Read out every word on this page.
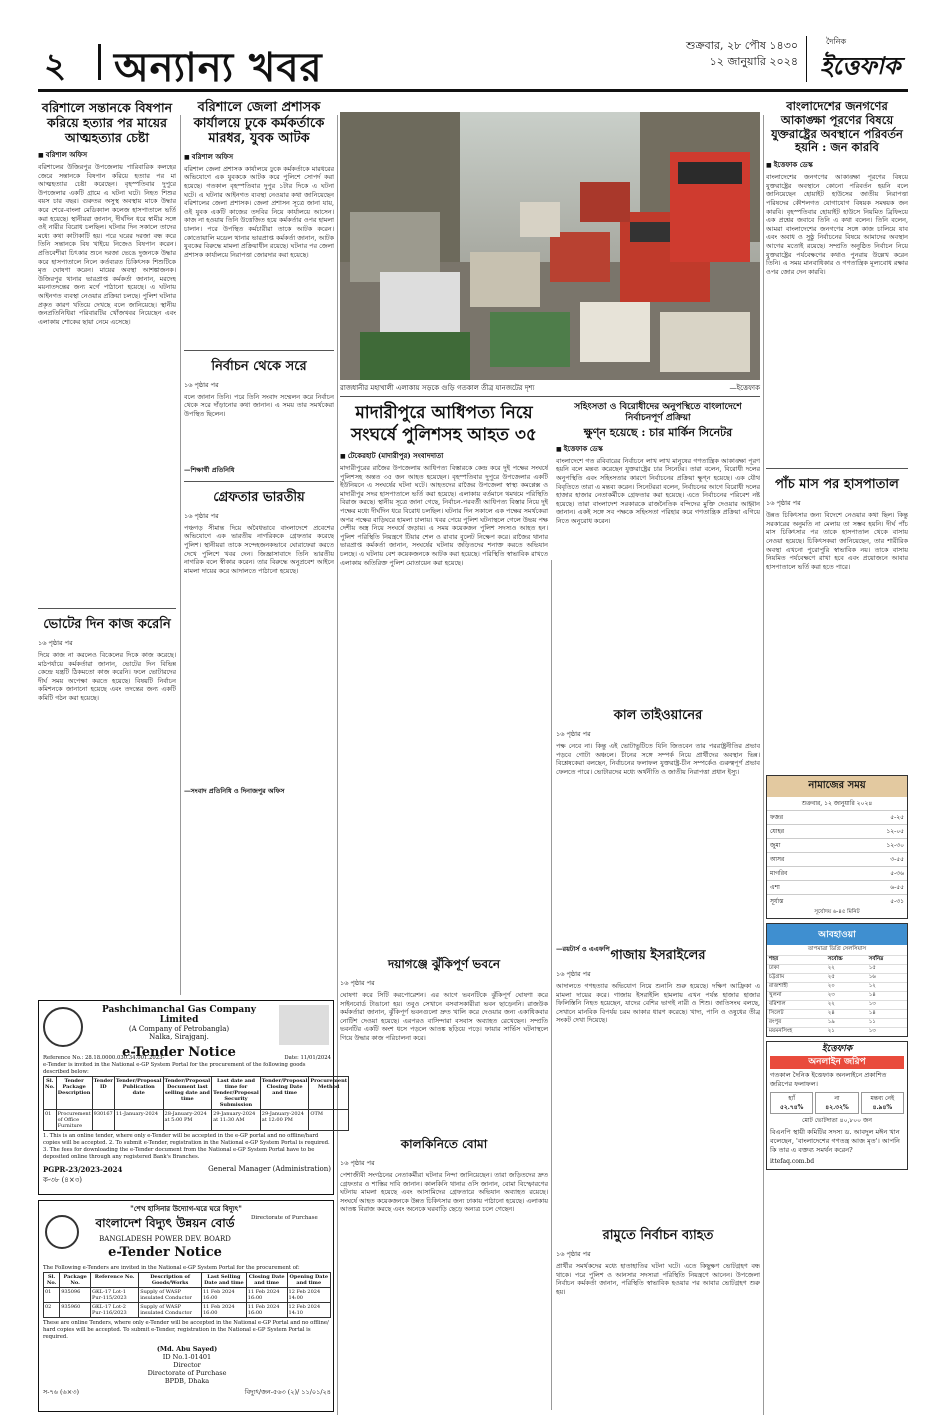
২ অন্যান্য খবর	শুক্রবার, ২৮ পৌষ ১৪৩০
১২ জানুয়ারি ২০২৪
দৈনিক
ইত্তেফাক
বরিশালে সন্তানকে বিষপান করিয়ে হত্যার পর মায়ের আত্মহত্যার চেষ্টা
■ বরিশাল অফিস
বরিশালের উজিরপুর উপজেলায় পারিবারিক কলহের জেরে সন্তানকে বিষপান করিয়ে হত্যার পর মা আত্মহত্যার চেষ্টা করেছেন। বৃহস্পতিবার দুপুরে উপজেলার একটি গ্রামে এ ঘটনা ঘটে। নিহত শিশুর বয়স চার বছর। গুরুতর অসুস্থ অবস্থায় মাকে উদ্ধার করে শেরে-বাংলা মেডিক্যাল কলেজ হাসপাতালে ভর্তি করা হয়েছে। স্থানীয়রা জানান, দীর্ঘদিন ধরে স্বামীর সঙ্গে ওই নারীর বিরোধ চলছিল। ঘটনার দিন সকালে তাদের মধ্যে কথা কাটাকাটি হয়। পরে ঘরের দরজা বন্ধ করে তিনি সন্তানকে বিষ খাইয়ে নিজেও বিষপান করেন। প্রতিবেশীরা চিৎকার শুনে দরজা ভেঙে দুজনকে উদ্ধার করে হাসপাতালে নিলে কর্তব্যরত চিকিৎসক শিশুটিকে মৃত ঘোষণা করেন। মায়ের অবস্থা আশঙ্কাজনক। উজিরপুর থানার ভারপ্রাপ্ত কর্মকর্তা জানান, মরদেহ ময়নাতদন্তের জন্য মর্গে পাঠানো হয়েছে। এ ঘটনায় আইনগত ব্যবস্থা নেওয়ার প্রক্রিয়া চলছে। পুলিশ ঘটনার প্রকৃত কারণ খতিয়ে দেখছে বলে জানিয়েছে। স্থানীয় জনপ্রতিনিধিরা পরিবারটির খোঁজখবর নিয়েছেন এবং এলাকায় শোকের ছায়া নেমে এসেছে।
ভোটের দিন কাজ করেনি
১৬ পৃষ্ঠার পর
দিয়ে কাজ না করলেও বিকেলের দিকে কাজ করেছে। মাঠপর্যায়ে কর্মকর্তারা জানান, ভোটের দিন বিভিন্ন কেন্দ্রে যন্ত্রটি ঠিকমতো কাজ করেনি। ফলে ভোটারদের দীর্ঘ সময় অপেক্ষা করতে হয়েছে। বিষয়টি নির্বাচন কমিশনকে জানানো হয়েছে এবং তদন্তের জন্য একটি কমিটি গঠন করা হয়েছে।
বরিশালে জেলা প্রশাসক কার্যালয়ে ঢুকে কর্মকর্তাকে মারধর, যুবক আটক
■ বরিশাল অফিস
বরিশাল জেলা প্রশাসক কার্যালয়ে ঢুকে কর্মকর্তাকে মারধরের অভিযোগে এক যুবককে আটক করে পুলিশে সোপর্দ করা হয়েছে। গতকাল বৃহস্পতিবার দুপুর ১টার দিকে এ ঘটনা ঘটে। এ ঘটনার আইনগত ব্যবস্থা নেওয়ার কথা জানিয়েছেন বরিশালের জেলা প্রশাসক। জেলা প্রশাসন সূত্রে জানা যায়, ওই যুবক একটি কাজের তদবির নিয়ে কার্যালয়ে আসেন। কাজ না হওয়ায় তিনি উত্তেজিত হয়ে কর্মকর্তার ওপর হামলা চালান। পরে উপস্থিত কর্মচারীরা তাকে আটক করেন। কোতোয়ালি মডেল থানার ভারপ্রাপ্ত কর্মকর্তা জানান, আটক যুবকের বিরুদ্ধে মামলা প্রক্রিয়াধীন রয়েছে। ঘটনার পর জেলা প্রশাসক কার্যালয়ে নিরাপত্তা জোরদার করা হয়েছে।
নির্বাচন থেকে সরে
১৬ পৃষ্ঠার পর
বলে জানান তিনি। পরে তিনি সংবাদ সম্মেলন করে নির্বাচন থেকে সরে দাঁড়ানোর কথা জানান। এ সময় তার সমর্থকেরা উপস্থিত ছিলেন।
—শিক্ষার্থী প্রতিনিধি
গ্রেফতার ভারতীয়
১৬ পৃষ্ঠার পর
পঞ্চগড় সীমান্ত দিয়ে অবৈধভাবে বাংলাদেশে প্রবেশের অভিযোগে এক ভারতীয় নাগরিককে গ্রেফতার করেছে পুলিশ। স্থানীয়রা তাকে সন্দেহজনকভাবে ঘোরাফেরা করতে দেখে পুলিশে খবর দেন। জিজ্ঞাসাবাদে তিনি ভারতীয় নাগরিক বলে স্বীকার করেন। তার বিরুদ্ধে অনুপ্রবেশ আইনে মামলা দায়ের করে আদালতে পাঠানো হয়েছে।
—সংবাদ প্রতিনিধি ও দিনাজপুর অফিস
রাজধানীর মহাখালী এলাকায় সড়কে গুড়ি গতকাল তীব্র যানজটের দৃশ্য	—ইত্তেফাক
মাদারীপুরে আধিপত্য নিয়ে সংঘর্ষে পুলিশসহ আহত ৩৫
■ টেকেরহাট (মাদারীপুর) সংবাদদাতা
মাদারীপুরের রাজৈর উপজেলায় আধিপত্য বিস্তারকে কেন্দ্র করে দুই পক্ষের সংঘর্ষে পুলিশসহ অন্তত ৩৫ জন আহত হয়েছেন। বৃহস্পতিবার দুপুরে উপজেলার একটি ইউনিয়নে এ সংঘর্ষের ঘটনা ঘটে। আহতদের রাজৈর উপজেলা স্বাস্থ্য কমপ্লেক্স ও মাদারীপুর সদর হাসপাতালে ভর্তি করা হয়েছে। এলাকায় বর্তমানে থমথমে পরিস্থিতি বিরাজ করছে। স্থানীয় সূত্রে জানা গেছে, নির্বাচন-পরবর্তী আধিপত্য বিস্তার নিয়ে দুই পক্ষের মধ্যে দীর্ঘদিন ধরে বিরোধ চলছিল। ঘটনার দিন সকালে এক পক্ষের সমর্থকেরা অপর পক্ষের বাড়িঘরে হামলা চালায়। খবর পেয়ে পুলিশ ঘটনাস্থলে গেলে উভয় পক্ষ দেশীয় অস্ত্র নিয়ে সংঘর্ষে জড়ায়। এ সময় কয়েকজন পুলিশ সদস্যও আহত হন। পুলিশ পরিস্থিতি নিয়ন্ত্রণে টিয়ার শেল ও রাবার বুলেট নিক্ষেপ করে। রাজৈর থানার ভারপ্রাপ্ত কর্মকর্তা জানান, সংঘর্ষের ঘটনায় জড়িতদের শনাক্ত করতে অভিযান চলছে। এ ঘটনায় বেশ কয়েকজনকে আটক করা হয়েছে। পরিস্থিতি স্বাভাবিক রাখতে এলাকায় অতিরিক্ত পুলিশ মোতায়েন করা হয়েছে।
দয়াগঞ্জে ঝুঁকিপূর্ণ ভবনে
১৬ পৃষ্ঠার পর
ঘোষণা করে সিটি করপোরেশন। এর আগে ভবনটিকে ঝুঁকিপূর্ণ ঘোষণা করে সাইনবোর্ড টাঙানো হয়। তবুও সেখানে বসবাসকারীরা ভবন ছাড়েননি। রাজউক কর্মকর্তারা জানান, ঝুঁকিপূর্ণ ভবনগুলো দ্রুত খালি করে দেওয়ার জন্য একাধিকবার নোটিশ দেওয়া হয়েছে। এরপরও বাসিন্দারা বসবাস অব্যাহত রেখেছেন। সম্প্রতি ভবনটির একটি অংশ ধসে পড়লে আতঙ্ক ছড়িয়ে পড়ে। ফায়ার সার্ভিস ঘটনাস্থলে গিয়ে উদ্ধার কাজ পরিচালনা করে।
কালকিনিতে বোমা
১৬ পৃষ্ঠার পর
পেশাজীবী সংগঠনের নেতাকর্মীরা ঘটনার নিন্দা জানিয়েছেন। তারা জড়িতদের দ্রুত গ্রেফতার ও শাস্তির দাবি জানান। কালকিনি থানার ওসি জানান, বোমা বিস্ফোরণের ঘটনায় মামলা হয়েছে এবং আসামিদের গ্রেফতারে অভিযান অব্যাহত রয়েছে। সংঘর্ষে আহত কয়েকজনকে উন্নত চিকিৎসার জন্য ঢাকায় পাঠানো হয়েছে। এলাকায় আতঙ্ক বিরাজ করছে এবং অনেকে ঘরবাড়ি ছেড়ে অন্যত্র চলে গেছেন।
সহিংসতা ও বিরোধীদের অনুপস্থিতে বাংলাদেশে নির্বাচনপূর্ণ প্রক্রিয়া
ক্ষুণ্ন হয়েছে : চার মার্কিন সিনেটর
■ ইত্তেফাক ডেস্ক
বাংলাদেশে গত রবিবারের নির্বাচনে লাখ লাখ মানুষের গণতান্ত্রিক আকাঙ্ক্ষা পূরণ হয়নি বলে মন্তব্য করেছেন যুক্তরাষ্ট্রের চার সিনেটর। তারা বলেন, বিরোধী দলের অনুপস্থিতি এবং সহিংসতার কারণে নির্বাচনের প্রক্রিয়া ক্ষুণ্ন হয়েছে। এক যৌথ বিবৃতিতে তারা এ মন্তব্য করেন। সিনেটররা বলেন, নির্বাচনের আগে বিরোধী দলের হাজার হাজার নেতাকর্মীকে গ্রেফতার করা হয়েছে। এতে নির্বাচনের পরিবেশ নষ্ট হয়েছে। তারা বাংলাদেশ সরকারকে রাজনৈতিক বন্দিদের মুক্তি দেওয়ার আহ্বান জানান। একই সঙ্গে সব পক্ষকে সহিংসতা পরিহার করে গণতান্ত্রিক প্রক্রিয়া এগিয়ে নিতে অনুরোধ করেন।
কাল তাইওয়ানের
১৬ পৃষ্ঠার পর
পক্ষ নেবে না। কিন্তু এই ভোটাভুটিতে যিনি জিতবেন তার পররাষ্ট্রনীতির প্রভাব পড়বে গোটা অঞ্চলে। চীনের সঙ্গে সম্পর্ক নিয়ে প্রার্থীদের অবস্থান ভিন্ন। বিশ্লেষকেরা বলছেন, নির্বাচনের ফলাফল যুক্তরাষ্ট্র-চীন সম্পর্কেও গুরুত্বপূর্ণ প্রভাব ফেলতে পারে। ভোটারদের মধ্যে অর্থনীতি ও জাতীয় নিরাপত্তা প্রধান ইস্যু।
—রয়টার্স ও এএফপি গাজায় ইসরাইলের
১৬ পৃষ্ঠার পর
আদালতে গণহত্যার অভিযোগ নিয়ে শুনানি শুরু হয়েছে। দক্ষিণ আফ্রিকা এ মামলা দায়ের করে। গাজায় ইসরাইলি হামলায় এখন পর্যন্ত হাজার হাজার ফিলিস্তিনি নিহত হয়েছেন, যাদের বেশির ভাগই নারী ও শিশু। জাতিসংঘ বলছে, সেখানে মানবিক বিপর্যয় চরম আকার ধারণ করেছে। খাদ্য, পানি ও ওষুধের তীব্র সংকট দেখা দিয়েছে।
রামুতে নির্বাচন ব্যাহত
১৬ পৃষ্ঠার পর
প্রার্থীর সমর্থকদের মধ্যে হাতাহাতির ঘটনা ঘটে। এতে কিছুক্ষণ ভোটগ্রহণ বন্ধ থাকে। পরে পুলিশ ও আনসার সদস্যরা পরিস্থিতি নিয়ন্ত্রণে আনেন। উপজেলা নির্বাচন কর্মকর্তা জানান, পরিস্থিতি স্বাভাবিক হওয়ার পর আবার ভোটগ্রহণ শুরু হয়।
বাংলাদেশের জনগণের আকাঙ্ক্ষা পূরণের বিষয়ে যুক্তরাষ্ট্রের অবস্থানে পরিবর্তন হয়নি : জন কারবি
■ ইত্তেফাক ডেস্ক
বাংলাদেশের জনগণের আকাঙ্ক্ষা পূরণের বিষয়ে যুক্তরাষ্ট্রের অবস্থানে কোনো পরিবর্তন হয়নি বলে জানিয়েছেন হোয়াইট হাউসের জাতীয় নিরাপত্তা পরিষদের কৌশলগত যোগাযোগ বিষয়ক সমন্বয়ক জন কারবি। বৃহস্পতিবার হোয়াইট হাউসে নিয়মিত ব্রিফিংয়ে এক প্রশ্নের জবাবে তিনি এ কথা বলেন। তিনি বলেন, আমরা বাংলাদেশের জনগণের সঙ্গে কাজ চালিয়ে যাব এবং অবাধ ও সুষ্ঠু নির্বাচনের বিষয়ে আমাদের অবস্থান আগের মতোই রয়েছে। সম্প্রতি অনুষ্ঠিত নির্বাচন নিয়ে যুক্তরাষ্ট্রের পর্যবেক্ষণের কথাও পুনরায় উল্লেখ করেন তিনি। এ সময় মানবাধিকার ও গণতান্ত্রিক মূল্যবোধ রক্ষার ওপর জোর দেন কারবি।
পাঁচ মাস পর হাসপাতাল
১৬ পৃষ্ঠার পর
উন্নত চিকিৎসার জন্য বিদেশে নেওয়ার কথা ছিল। কিন্তু সরকারের অনুমতি না মেলায় তা সম্ভব হয়নি। দীর্ঘ পাঁচ মাস চিকিৎসার পর তাকে হাসপাতাল থেকে বাসায় নেওয়া হয়েছে। চিকিৎসকরা জানিয়েছেন, তার শারীরিক অবস্থা এখনো পুরোপুরি স্বাভাবিক নয়। তাকে বাসায় নিয়মিত পর্যবেক্ষণে রাখা হবে এবং প্রয়োজনে আবার হাসপাতালে ভর্তি করা হতে পারে।
নামাজের সময়
শুক্রবার, ১২ জানুয়ারি ২০২৪
ফজর	৫-২৫
যোহর	১২-০৫
জুমা	১২-৩০
আসর	৩-৫৫
মাগরিব	৫-৩৬
এশা	৬-৫৫
সূর্যাস্ত	৫-৩১
সূর্যোদয় ৬-৪৫ মিনিট
আবহাওয়া
তাপমাত্রা ডিগ্রি সেলসিয়াস
শহর	সর্বোচ্চ	সর্বনিম্ন
ঢাকা	২২	১৫
চট্টগ্রাম	২৫	১৬
রাজশাহী	২০	১২
খুলনা	২৩	১৪
বরিশাল	২২	১৩
সিলেট	২৪	১৪
রংপুর	১৯	১১
ময়মনসিংহ	২১	১৩
ইত্তেফাক
অনলাইন জরিপ
গতকাল দৈনিক ইত্তেফাক অনলাইনে প্রকাশিত জরিপের ফলাফল।
হ্যাঁ
৫২.৭৪%
না
৪২.৩২%
মন্তব্য নেই
৪.৯৪%
মোট ভোটদাতা ৪০,৮০০ জন
বিএনপি স্থায়ী কমিটির সদস্য ড. আবদুল মঈন খান বলেছেন, 'বাংলাদেশের গণতন্ত্র আজ মৃত'। আপনি কি তার এ বক্তব্য সমর্থন করেন?
ittefaq.com.bd
Pashchimanchal Gas Company Limited
(A Company of Petrobangla)
Nalka, Sirajganj.
e-Tender Notice
Reference No.: 28.18.0000.030.34.001.2023-	Date: 11/01/2024
e-Tender is invited in the National e-GP System Portal for the procurement of the following goods described below:
Sl. No.	Tender Package Description	Tender ID	Tender/Proposal Publication date	Tender/Proposal Document last selling date and time	Last date and time for Tender/Proposal Security Submission	Tender/Proposal Closing Date and time	Procurement Method
01	Procurement of Office Furniture	930167	11-January-2024	28-January-2024 at 5:00 PM	29-January-2024 at 11:30 AM	29-January-2024 at 12:00 PM	OTM
1. This is an online tender, where only e-Tender will be accepted in the e-GP portal and no offline/hard copies will be accepted. 2. To submit e-Tender, registration in the National e-GP System Portal is required. 3. The fees for downloading the e-Tender document from the National e-GP System Portal have to be deposited online through any registered Bank's Branches.
PGPR-23/2023-2024	General Manager (Administration)
ক-৩৮ (৪×৩)
"শেখ হাসিনার উদ্যোগ-ঘরে ঘরে বিদ্যুৎ"
বাংলাদেশ বিদ্যুৎ উন্নয়ন বোর্ড
BANGLADESH POWER DEV. BOARD
e-Tender Notice
Directorate of Purchase
The Following e-Tenders are invited in the National e-GP System Portal for the procurement of:
Sl. No.	Package No.	Reference No.	Description of Goods/Works	Last Selling Date and time	Closing Date and time	Opening Date and time
01	935096	GKL-17 Lot-1 Pur-115/2023	Supply of WASP insulated Conductor	11 Feb 2024 16:00	11 Feb 2024 16:00	12 Feb 2024 14:00
02	935960	GKL-17 Lot-2 Pur-116/2023	Supply of WASP insulated Conductor	11 Feb 2024 16:00	11 Feb 2024 16:00	12 Feb 2024 14:10
These are online Tenders, where only e-Tender will be accepted in the National e-GP Portal and no offline/ hard copies will be accepted. To submit e-Tender, registration in the National e-GP System Portal is required.
(Md. Abu Sayed)
ID No.1-01401
Director
Directorate of Purchase
BPDB, Dhaka
স-৭৬ (৬×৩)	বিদ্যুৎ/জন-৫৬৩ (২)/ ১১/০১/২৪
